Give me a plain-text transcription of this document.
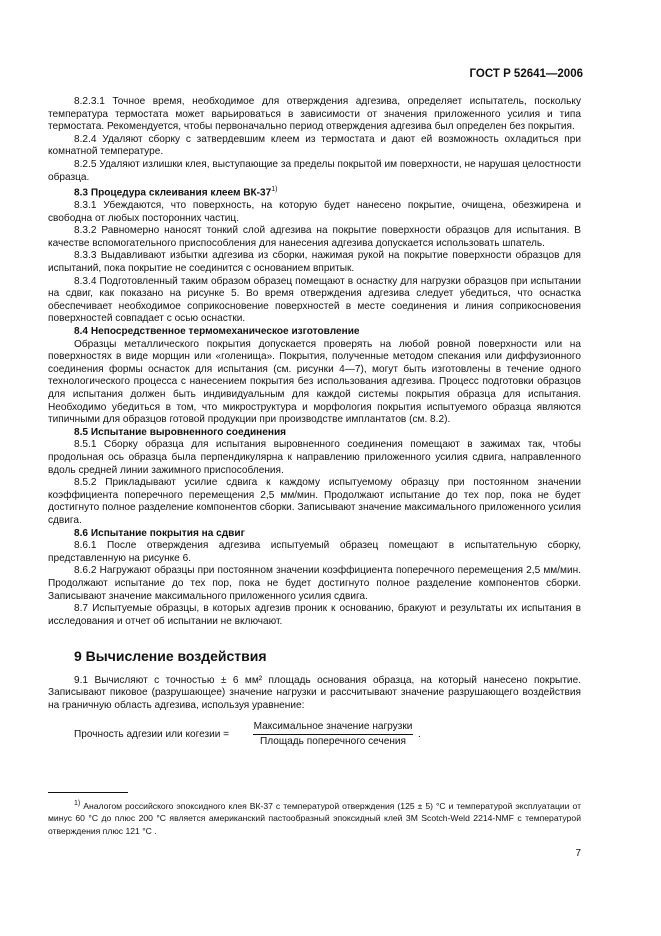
ГОСТ Р 52641—2006

8.2.3.1 Точное время, необходимое для отверждения адгезива, определяет испытатель, поскольку температура термостата может варьироваться в зависимости от значения приложенного усилия и типа термостата. Рекомендуется, чтобы первоначально период отверждения адгезива был определен без покрытия.

8.2.4 Удаляют сборку с затвердевшим клеем из термостата и дают ей возможность охладиться при комнатной температуре.

8.2.5 Удаляют излишки клея, выступающие за пределы покрытой им поверхности, не нарушая целостности образца.

8.3 Процедура склеивания клеем ВК-37$^{1)}$

8.3.1 Убеждаются, что поверхность, на которую будет нанесено покрытие, очищена, обезжирена и свободна от любых посторонних частиц.

8.3.2 Равномерно наносят тонкий слой адгезива на покрытие поверхности образцов для испытания. В качестве вспомогательного приспособления для нанесения адгезива допускается использовать шпатель.

8.3.3 Выдавливают избытки адгезива из сборки, нажимая рукой на покрытие поверхности образцов для испытаний, пока покрытие не соединится с основанием впритык.

8.3.4 Подготовленный таким образом образец помещают в оснастку для нагрузки образцов при испытании на сдвиг, как показано на рисунке 5. Во время отверждения адгезива следует убедиться, что оснастка обеспечивает необходимое соприкосновение поверхностей в месте соединения и линия соприкосновения поверхностей совпадает с осью оснастки.

8.4 Непосредственное термомеханическое изготовление

Образцы металлического покрытия допускается проверять на любой ровной поверхности или на поверхностях в виде морщин или «голенища». Покрытия, полученные методом спекания или диффузионного соединения формы оснасток для испытания (см. рисунки 4—7), могут быть изготовлены в течение одного технологического процесса с нанесением покрытия без использования адгезива. Процесс подготовки образцов для испытания должен быть индивидуальным для каждой системы покрытия образца для испытания. Необходимо убедиться в том, что микроструктура и морфология покрытия испытуемого образца являются типичными для образцов готовой продукции при производстве имплантатов (см. 8.2).

8.5 Испытание выровненного соединения

8.5.1 Сборку образца для испытания выровненного соединения помещают в зажимах так, чтобы продольная ось образца была перпендикулярна к направлению приложенного усилия сдвига, направленного вдоль средней линии зажимного приспособления.

8.5.2 Прикладывают усилие сдвига к каждому испытуемому образцу при постоянном значении коэффициента поперечного перемещения 2,5 мм/мин. Продолжают испытание до тех пор, пока не будет достигнуто полное разделение компонентов сборки. Записывают значение максимального приложенного усилия сдвига.

8.6 Испытание покрытия на сдвиг

8.6.1 После отверждения адгезива испытуемый образец помещают в испытательную сборку, представленную на рисунке 6.

8.6.2 Нагружают образцы при постоянном значении коэффициента поперечного перемещения 2,5 мм/мин. Продолжают испытание до тех пор, пока не будет достигнуто полное разделение компонентов сборки. Записывают значение максимального приложенного усилия сдвига.

8.7 Испытуемые образцы, в которых адгезив проник к основанию, бракуют и результаты их испытания в исследования и отчет об испытании не включают.

9 Вычисление воздействия

9.1 Вычисляют с точностью ± 6 мм² площадь основания образца, на который нанесено покрытие. Записывают пиковое (разрушающее) значение нагрузки и рассчитывают значение разрушающего воздействия на граничную область адгезива, используя уравнение:

Прочность адгезии или когезии =
Максимальное значение нагрузки
Площадь поперечного сечения
.
$^{1)}$ Аналогом российского эпоксидного клея ВК-37 с температурой отверждения (125 ± 5) °С и температурой эксплуатации от минус 60 °С до плюс 200 °С является американский пастообразный эпоксидный клей 3М Scotch-Weld 2214-NMF с температурой отверждения плюс 121 °С .
7
